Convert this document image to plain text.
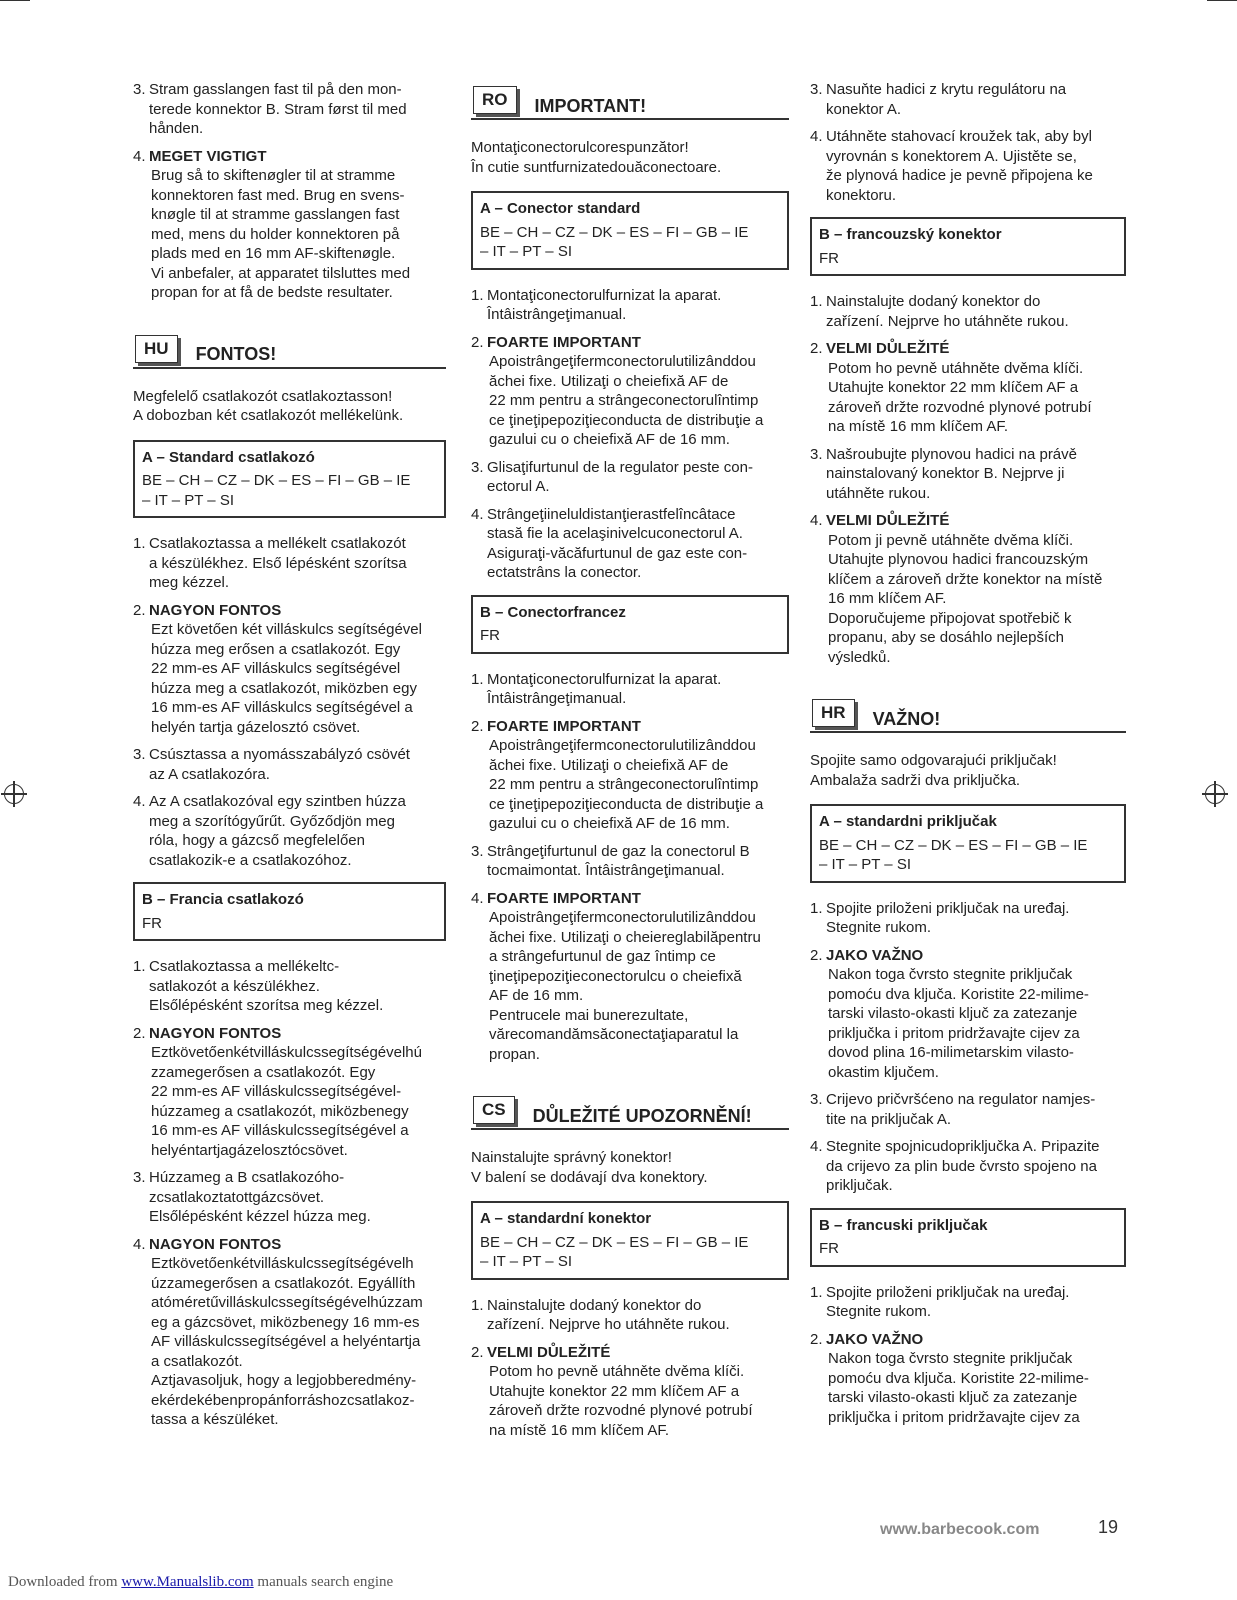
3. Stram gasslangen fast til på den mon-
terede konnektor B. Stram først til med
hånden.
4. MEGET VIGTIGT
Brug så to skiftenøgler til at stramme
konnektoren fast med. Brug en svens-
knøgle til at stramme gasslangen fast
med, mens du holder konnektoren på
plads med en 16 mm AF-skiftenøgle.
Vi anbefaler, at apparatet tilsluttes med
propan for at få de bedste resultater.
HU	FONTOS!
Megfelelő csatlakozót csatlakoztasson!
A dobozban két csatlakozót mellékelünk.
A – Standard csatlakozó
BE – CH – CZ – DK – ES – FI – GB – IE
– IT – PT – SI
1. Csatlakoztassa a mellékelt csatlakozót
a készülékhez. Első lépésként szorítsa
meg kézzel.
2. NAGYON FONTOS
Ezt követően két villáskulcs segítségével
húzza meg erősen a csatlakozót. Egy
22 mm-es AF villáskulcs segítségével
húzza meg a csatlakozót, miközben egy
16 mm-es AF villáskulcs segítségével a
helyén tartja gázelosztó csövet.
3. Csúsztassa a nyomásszabályzó csövét
az A csatlakozóra.
4. Az A csatlakozóval egy szintben húzza
meg a szorítógyűrűt. Győződjön meg
róla, hogy a gázcső megfelelően
csatlakozik-e a csatlakozóhoz.
B – Francia csatlakozó
FR
1. Csatlakoztassa a mellékeltc-
satlakozót a készülékhez.
Elsőlépésként szorítsa meg kézzel.
2. NAGYON FONTOS
Eztkövetőenkétvilláskulcssegítségévelhú
zzamegerősen a csatlakozót. Egy
22 mm-es AF villáskulcssegítségével-
húzzameg a csatlakozót, miközbenegy
16 mm-es AF villáskulcssegítségével a
helyéntartjagázelosztócsövet.
3. Húzzameg a B csatlakozóho-
zcsatlakoztatottgázcsövet.
Elsőlépésként kézzel húzza meg.
4. NAGYON FONTOS
Eztkövetőenkétvilláskulcssegítségévelh
úzzamegerősen a csatlakozót. Egyállíth
atóméretűvilláskulcssegítségévelhúzzam
eg a gázcsövet, miközbenegy 16 mm-es
AF villáskulcssegítségével a helyéntartja
a csatlakozót.
Aztjavasoljuk, hogy a legjobberedmény-
ekérdekébenpropánforráshozcsatlakoz-
tassa a készüléket.
RO	IMPORTANT!
Montaţiconectorulcorespunzător!
În cutie suntfurnizatedouăconectoare.
A – Conector standard
BE – CH – CZ – DK – ES – FI – GB – IE
– IT – PT – SI
1. Montaţiconectorulfurnizat la aparat.
Întâistrângeţimanual.
2. FOARTE IMPORTANT
Apoistrângeţifermconectorulutilizânddou
ăchei fixe. Utilizaţi o cheiefixă AF de
22 mm pentru a strângeconectorulîntimp
ce ţineţipepoziţieconducta de distribuţie a
gazului cu o cheiefixă AF de 16 mm.
3. Glisaţifurtunul de la regulator peste con-
ectorul A.
4. Strângeţiineluldistanţierastfelîncâtace
stasă fie la acelaşinivelcuconectorul A.
Asiguraţi-văcăfurtunul de gaz este con-
ectatstrâns la conector.
B – Conectorfrancez
FR
1. Montaţiconectorulfurnizat la aparat.
Întâistrângeţimanual.
2. FOARTE IMPORTANT
Apoistrângeţifermconectorulutilizânddou
ăchei fixe. Utilizaţi o cheiefixă AF de
22 mm pentru a strângeconectorulîntimp
ce ţineţipepoziţieconducta de distribuţie a
gazului cu o cheiefixă AF de 16 mm.
3. Strângeţifurtunul de gaz la conectorul B
tocmaimontat. Întâistrângeţimanual.
4. FOARTE IMPORTANT
Apoistrângeţifermconectorulutilizânddou
ăchei fixe. Utilizaţi o cheiereglabilăpentru
a strângefurtunul de gaz întimp ce
ţineţipepoziţieconectorulcu o cheiefixă
AF de 16 mm.
Pentrucele mai bunerezultate,
vărecomandămsăconectaţiaparatul la
propan.
CS	DŮLEŽITÉ UPOZORNĚNÍ!
Nainstalujte správný konektor!
V balení se dodávají dva konektory.
A – standardní konektor
BE – CH – CZ – DK – ES – FI – GB – IE
– IT – PT – SI
1. Nainstalujte dodaný konektor do
zařízení. Nejprve ho utáhněte rukou.
2. VELMI DŮLEŽITÉ
Potom ho pevně utáhněte dvěma klíči.
Utahujte konektor 22 mm klíčem AF a
zároveň držte rozvodné plynové potrubí
na místě 16 mm klíčem AF.
3. Nasuňte hadici z krytu regulátoru na
konektor A.
4. Utáhněte stahovací kroužek tak, aby byl
vyrovnán s konektorem A. Ujistěte se,
že plynová hadice je pevně připojena ke
konektoru.
B – francouzský konektor
FR
1. Nainstalujte dodaný konektor do
zařízení. Nejprve ho utáhněte rukou.
2. VELMI DŮLEŽITÉ
Potom ho pevně utáhněte dvěma klíči.
Utahujte konektor 22 mm klíčem AF a
zároveň držte rozvodné plynové potrubí
na místě 16 mm klíčem AF.
3. Našroubujte plynovou hadici na právě
nainstalovaný konektor B. Nejprve ji
utáhněte rukou.
4. VELMI DŮLEŽITÉ
Potom ji pevně utáhněte dvěma klíči.
Utahujte plynovou hadici francouzským
klíčem a zároveň držte konektor na místě
16 mm klíčem AF.
Doporučujeme připojovat spotřebič k
propanu, aby se dosáhlo nejlepších
výsledků.
HR	VAŽNO!
Spojite samo odgovarajući priključak!
Ambalaža sadrži dva priključka.
A – standardni priključak
BE – CH – CZ – DK – ES – FI – GB – IE
– IT – PT – SI
1. Spojite priloženi priključak na uređaj.
Stegnite rukom.
2. JAKO VAŽNO
Nakon toga čvrsto stegnite priključak
pomoću dva ključa. Koristite 22-milime-
tarski vilasto-okasti ključ za zatezanje
priključka i pritom pridržavajte cijev za
dovod plina 16-milimetarskim vilasto-
okastim ključem.
3. Crijevo pričvršćeno na regulator namjes-
tite na priključak A.
4. Stegnite spojnicudopriključka A. Pripazite
da crijevo za plin bude čvrsto spojeno na
priključak.
B – francuski priključak
FR
1. Spojite priloženi priključak na uređaj.
Stegnite rukom.
2. JAKO VAŽNO
Nakon toga čvrsto stegnite priključak
pomoću dva ključa. Koristite 22-milime-
tarski vilasto-okasti ključ za zatezanje
priključka i pritom pridržavajte cijev za
www.barbecook.com	19
Downloaded from www.Manualslib.com manuals search engine
